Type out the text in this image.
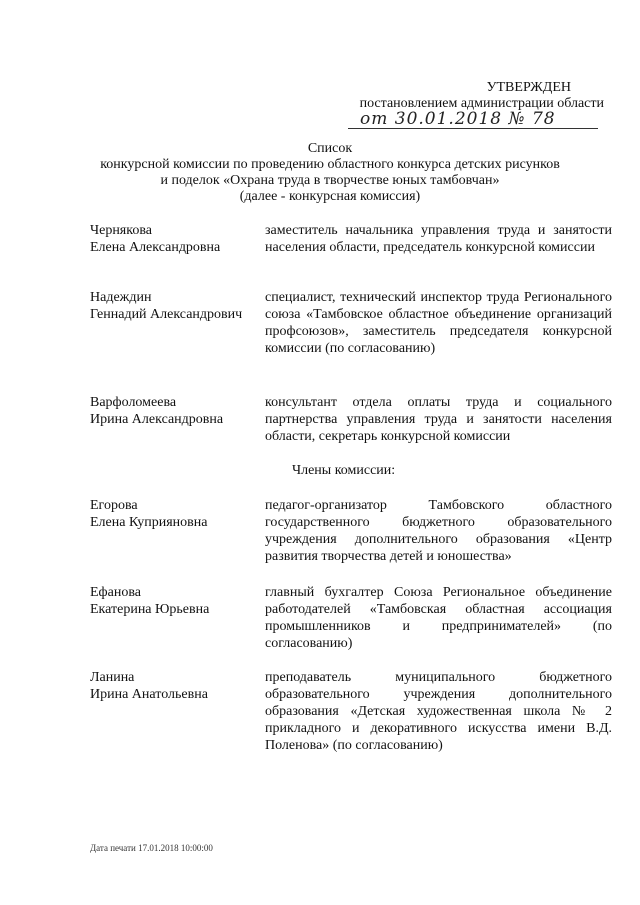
УТВЕРЖДЕН
постановлением администрации области
от 30.01.2018 № 78
Список
конкурсной комиссии по проведению областного конкурса детских рисунков
и поделок «Охрана труда в творчестве юных тамбовчан»
(далее - конкурсная комиссия)
Чернякова
Елена Александровна
заместитель начальника управления труда и занятости населения области, председатель конкурсной комиссии
Надеждин
Геннадий Александрович
специалист, технический инспектор труда Регионального союза «Тамбовское областное объединение организаций профсоюзов», заместитель председателя конкурсной комиссии (по согласованию)
Варфоломеева
Ирина Александровна
консультант отдела оплаты труда и социального партнерства управления труда и занятости населения области, секретарь конкурсной комиссии
Члены комиссии:
Егорова
Елена Куприяновна
педагог-организатор Тамбовского областного государственного бюджетного образовательного учреждения дополнительного образования «Центр развития творчества детей и юношества»
Ефанова
Екатерина Юрьевна
главный бухгалтер Союза Региональное объединение работодателей «Тамбовская областная ассоциация промышленников и предпринимателей» (по согласованию)
Ланина
Ирина Анатольевна
преподаватель муниципального бюджетного образовательного учреждения дополнительного образования «Детская художественная школа № 2 прикладного и декоративного искусства имени В.Д. Поленова» (по согласованию)
Дата печати 17.01.2018 10:00:00
